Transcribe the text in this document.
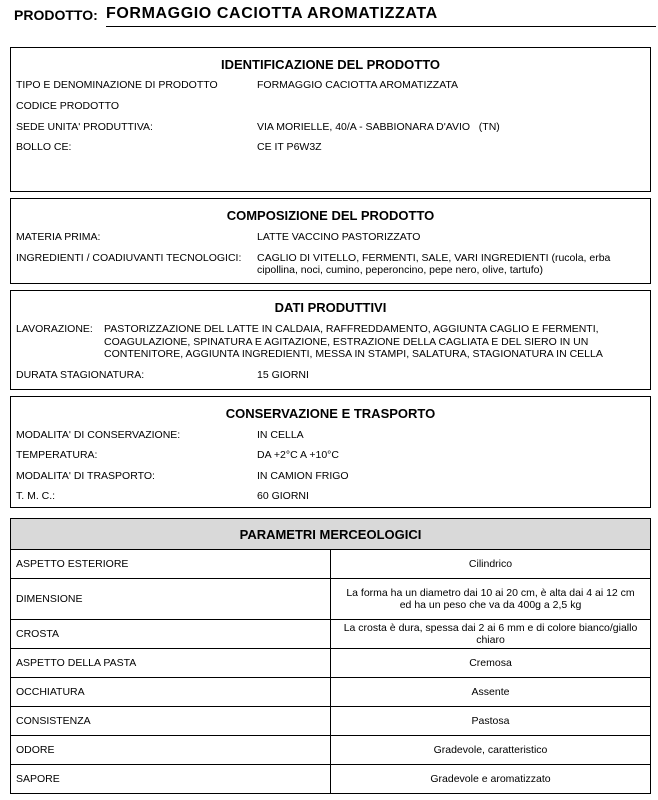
PRODOTTO: FORMAGGIO CACIOTTA AROMATIZZATA
IDENTIFICAZIONE DEL PRODOTTO
TIPO E DENOMINAZIONE DI PRODOTTO	FORMAGGIO CACIOTTA AROMATIZZATA
CODICE PRODOTTO
SEDE UNITA' PRODUTTIVA:	VIA MORIELLE, 40/A - SABBIONARA D'AVIO   (TN)
BOLLO CE:	CE IT P6W3Z
COMPOSIZIONE DEL PRODOTTO
MATERIA PRIMA:	LATTE VACCINO PASTORIZZATO
INGREDIENTI / COADIUVANTI TECNOLOGICI: CAGLIO DI VITELLO, FERMENTI, SALE, VARI INGREDIENTI (rucola, erba
cipollina, noci, cumino, peperoncino, pepe nero, olive, tartufo)
DATI PRODUTTIVI
LAVORAZIONE: PASTORIZZAZIONE DEL LATTE IN CALDAIA, RAFFREDDAMENTO, AGGIUNTA CAGLIO E FERMENTI,
COAGULAZIONE, SPINATURA E AGITAZIONE, ESTRAZIONE DELLA CAGLIATA E DEL SIERO IN UN
CONTENITORE, AGGIUNTA INGREDIENTI, MESSA IN STAMPI, SALATURA, STAGIONATURA IN CELLA
DURATA STAGIONATURA:	15 GIORNI
CONSERVAZIONE E TRASPORTO
MODALITA' DI CONSERVAZIONE:	IN CELLA
TEMPERATURA:	DA +2°C A +10°C
MODALITA' DI TRASPORTO:	IN CAMION FRIGO
T. M. C.:	60 GIORNI
PARAMETRI MERCEOLOGICI	
ASPETTO ESTERIORE	Cilindrico
DIMENSIONE	La forma ha un diametro dai 10 ai 20 cm, è alta dai 4 ai 12 cm
ed ha un peso che va da 400g a 2,5 kg

CROSTA	La crosta è dura, spessa dai 2 ai 6 mm e di colore bianco/giallo chiaro
ASPETTO DELLA PASTA	Cremosa
OCCHIATURA	Assente
CONSISTENZA	Pastosa
ODORE	Gradevole, caratteristico
SAPORE	Gradevole e aromatizzato
